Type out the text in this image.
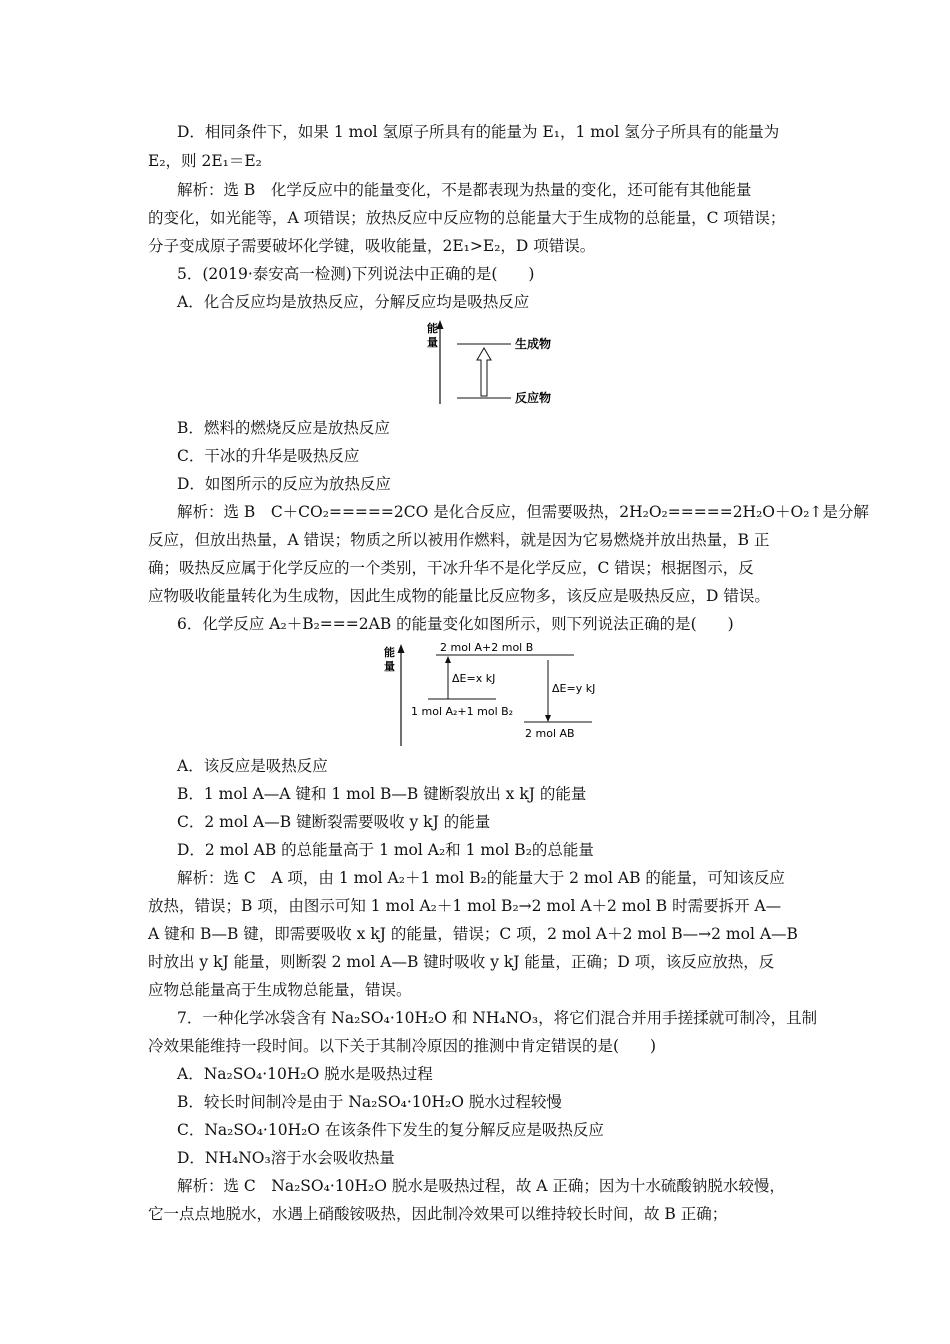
D．相同条件下，如果 1 mol 氢原子所具有的能量为 E₁，1 mol 氢分子所具有的能量为
E₂，则 2E₁＝E₂
解析：选 B　化学反应中的能量变化，不是都表现为热量的变化，还可能有其他能量
的变化，如光能等，A 项错误；放热反应中反应物的总能量大于生成物的总能量，C 项错误；
分子变成原子需要破坏化学键，吸收能量，2E₁>E₂，D 项错误。
5．(2019·泰安高一检测)下列说法中正确的是(　　)
A．化合反应均是放热反应，分解反应均是吸热反应
B．燃料的燃烧反应是放热反应
C．干冰的升华是吸热反应
D．如图所示的反应为放热反应
解析：选 B　C＋CO₂=====2CO 是化合反应，但需要吸热，2H₂O₂=====2H₂O＋O₂↑是分解
反应，但放出热量，A 错误；物质之所以被用作燃料，就是因为它易燃烧并放出热量，B 正
确；吸热反应属于化学反应的一个类别，干冰升华不是化学反应，C 错误；根据图示，反
应物吸收能量转化为生成物，因此生成物的能量比反应物多，该反应是吸热反应，D 错误。
6．化学反应 A₂＋B₂===2AB 的能量变化如图所示，则下列说法正确的是(　　)
A．该反应是吸热反应
B．1 mol A—A 键和 1 mol B—B 键断裂放出 x kJ 的能量
C．2 mol A—B 键断裂需要吸收 y kJ 的能量
D．2 mol AB 的总能量高于 1 mol A₂和 1 mol B₂的总能量
解析：选 C　A 项，由 1 mol A₂＋1 mol B₂的能量大于 2 mol AB 的能量，可知该反应
放热，错误；B 项，由图示可知 1 mol A₂＋1 mol B₂→2 mol A＋2 mol B 时需要拆开 A—
A 键和 B—B 键，即需要吸收 x kJ 的能量，错误；C 项，2 mol A＋2 mol B—→2 mol A—B
时放出 y kJ 能量，则断裂 2 mol A—B 键时吸收 y kJ 能量，正确；D 项，该反应放热，反
应物总能量高于生成物总能量，错误。
7．一种化学冰袋含有 Na₂SO₄·10H₂O 和 NH₄NO₃，将它们混合并用手搓揉就可制冷，且制
冷效果能维持一段时间。以下关于其制冷原因的推测中肯定错误的是(　　)
A．Na₂SO₄·10H₂O 脱水是吸热过程
B．较长时间制冷是由于 Na₂SO₄·10H₂O 脱水过程较慢
C．Na₂SO₄·10H₂O 在该条件下发生的复分解反应是吸热反应
D．NH₄NO₃溶于水会吸收热量
解析：选 C　Na₂SO₄·10H₂O 脱水是吸热过程，故 A 正确；因为十水硫酸钠脱水较慢，
它一点点地脱水，水遇上硝酸铵吸热，因此制冷效果可以维持较长时间，故 B 正确；
能
量	生成物
反应物
能
量
2 mol A+2 mol B
1 mol A₂+1 mol B₂
2 mol AB
ΔE=x kJ
ΔE=y kJ
